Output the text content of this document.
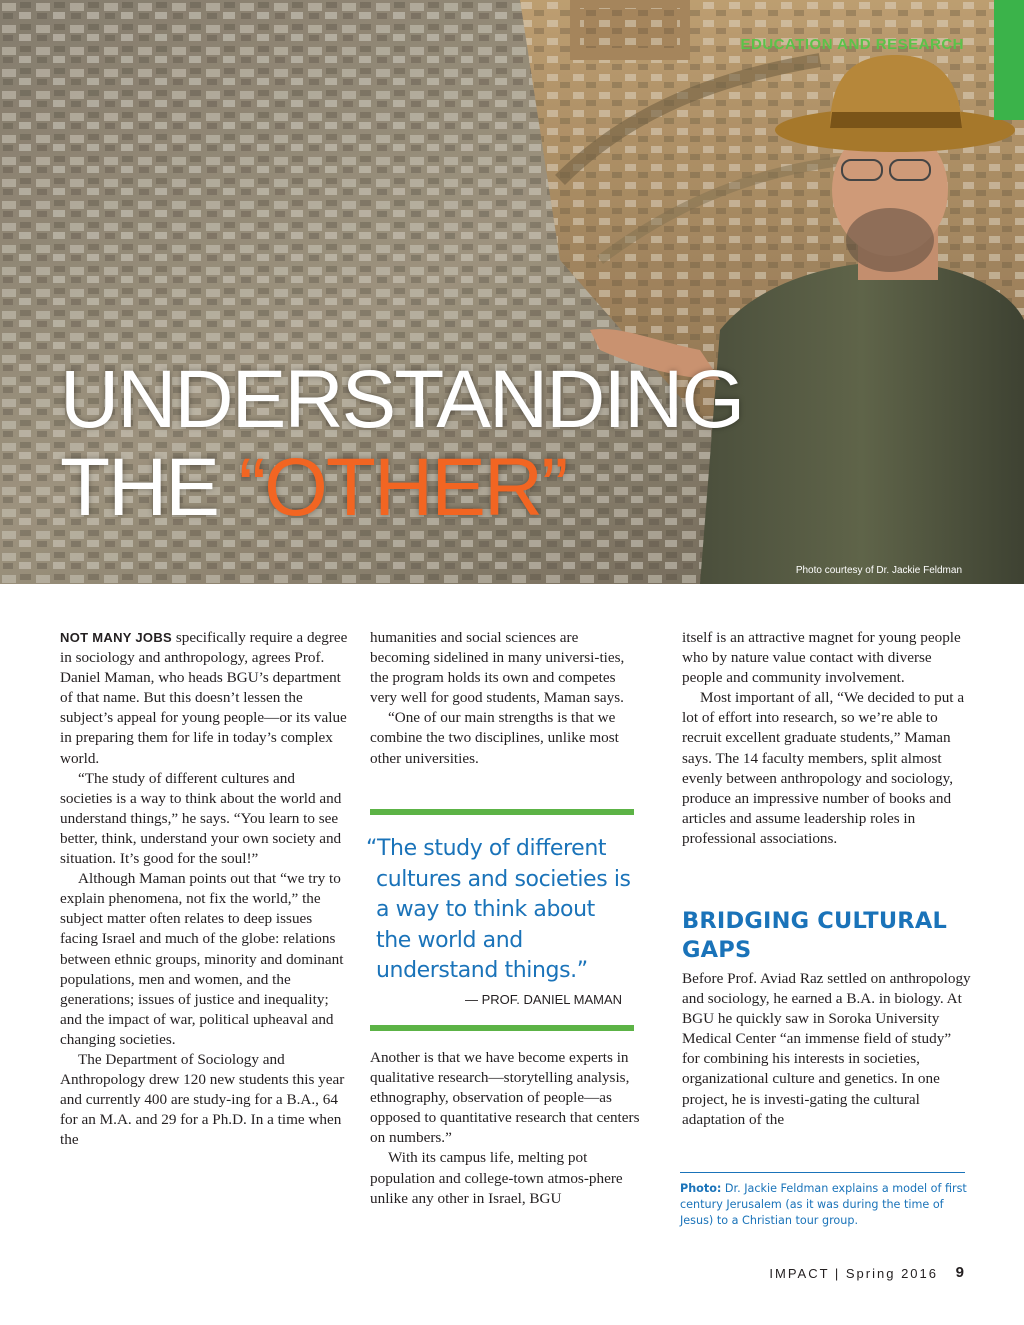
EDUCATION AND RESEARCH
UNDERSTANDING
THE “OTHER”
Photo courtesy of Dr. Jackie Feldman

NOT MANY JOBS specifically require a degree in sociology and anthropology, agrees Prof. Daniel Maman, who heads BGU’s department of that name. But this doesn’t lessen the subject’s appeal for young people—or its value in preparing them for life in today’s complex world.

“The study of different cultures and societies is a way to think about the world and understand things,” he says. “You learn to see better, think, understand your own society and situation. It’s good for the soul!”

Although Maman points out that “we try to explain phenomena, not fix the world,” the subject matter often relates to deep issues facing Israel and much of the globe: relations between ethnic groups, minority and dominant populations, men and women, and the generations; issues of justice and inequality; and the impact of war, political upheaval and changing societies.

The Department of Sociology and Anthropology drew 120 new students this year and currently 400 are study-ing for a B.A., 64 for an M.A. and 29 for a Ph.D. In a time when the

humanities and social sciences are becoming sidelined in many universi-ties, the program holds its own and competes very well for good students, Maman says.

“One of our main strengths is that we combine the two disciplines, unlike most other universities.

“The study of different cultures and societies is a way to think about the world and understand things.”

— PROF. DANIEL MAMAN

Another is that we have become experts in qualitative research—storytelling analysis, ethnography, observation of people—as opposed to quantitative research that centers on numbers.”

With its campus life, melting pot population and college-town atmos-phere unlike any other in Israel, BGU

itself is an attractive magnet for young people who by nature value contact with diverse people and community involvement.

Most important of all, “We decided to put a lot of effort into research, so we’re able to recruit excellent graduate students,” Maman says. The 14 faculty members, split almost evenly between anthropology and sociology, produce an impressive number of books and articles and assume leadership roles in professional associations.

BRIDGING CULTURAL GAPS

Before Prof. Aviad Raz settled on anthropology and sociology, he earned a B.A. in biology. At BGU he quickly saw in Soroka University Medical Center “an immense field of study” for combining his interests in societies, organizational culture and genetics. In one project, he is investi-gating the cultural adaptation of the

Photo: Dr. Jackie Feldman explains a model of first century Jerusalem (as it was during the time of Jesus) to a Christian tour group.
IMPACT | Spring 2016 9
